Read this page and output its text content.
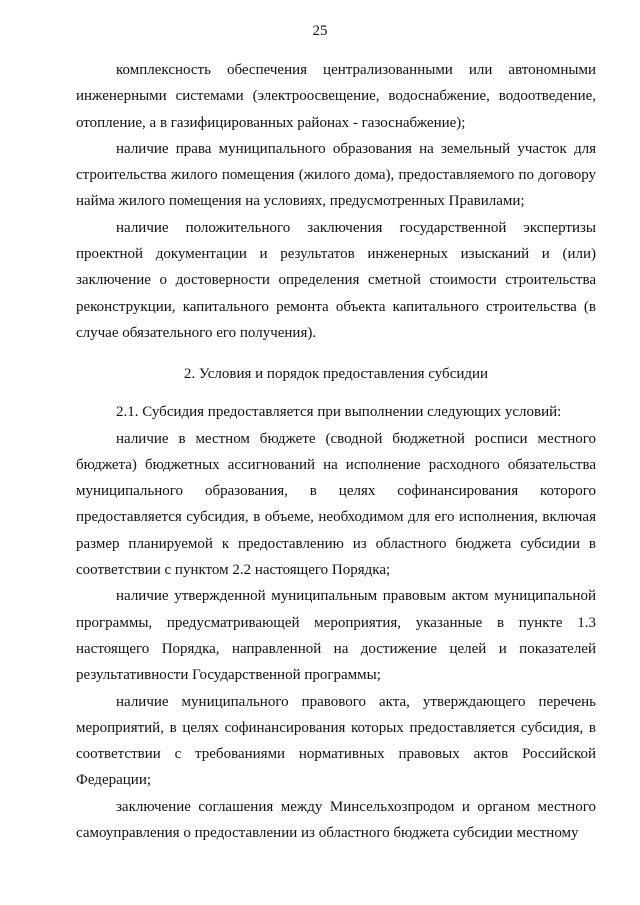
25

комплексность обеспечения централизованными или автономными инженерными системами (электроосвещение, водоснабжение, водоотведение, отопление, а в газифицированных районах - газоснабжение);

наличие права муниципального образования на земельный участок для строительства жилого помещения (жилого дома), предоставляемого по договору найма жилого помещения на условиях, предусмотренных Правилами;

наличие положительного заключения государственной экспертизы проектной документации и результатов инженерных изысканий и (или) заключение о достоверности определения сметной стоимости строительства реконструкции, капитального ремонта объекта капитального строительства (в случае обязательного его получения).

2. Условия и порядок предоставления субсидии

2.1. Субсидия предоставляется при выполнении следующих условий:

наличие в местном бюджете (сводной бюджетной росписи местного бюджета) бюджетных ассигнований на исполнение расходного обязательства муниципального образования, в целях софинансирования которого предоставляется субсидия, в объеме, необходимом для его исполнения, включая размер планируемой к предоставлению из областного бюджета субсидии в соответствии с пунктом 2.2 настоящего Порядка;

наличие утвержденной муниципальным правовым актом муниципальной программы, предусматривающей мероприятия, указанные в пункте 1.3 настоящего Порядка, направленной на достижение целей и показателей результативности Государственной программы;

наличие муниципального правового акта, утверждающего перечень мероприятий, в целях софинансирования которых предоставляется субсидия, в соответствии с требованиями нормативных правовых актов Российской Федерации;

заключение соглашения между Минсельхозпродом и органом местного самоуправления о предоставлении из областного бюджета субсидии местному
